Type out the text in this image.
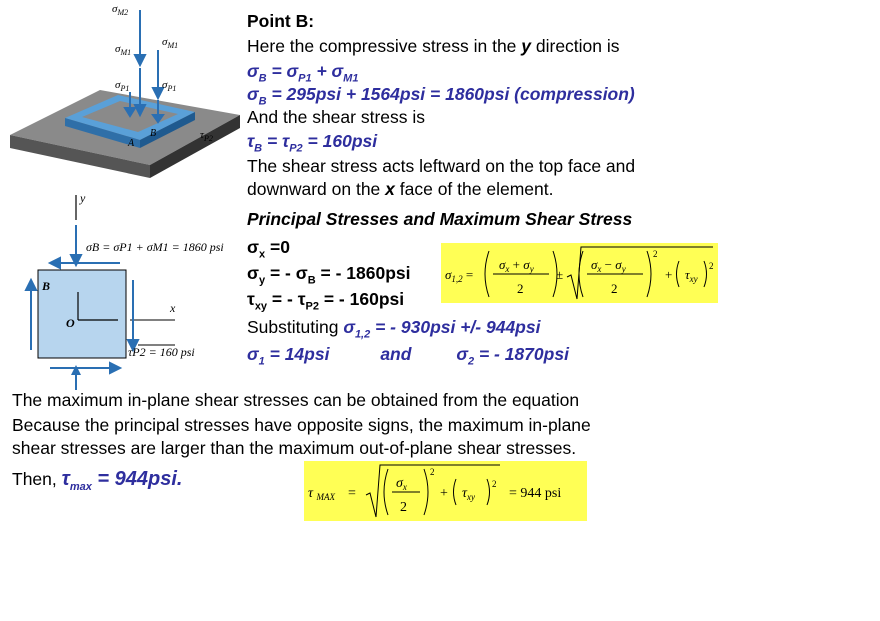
$\sigma_{M2}$
$\sigma_{M1}$
$\sigma_{M1}$
$\sigma_{P1}$	$\sigma_{P1}$
A
B	$\tau_{P2}$
y
B
O
x
σB = σP1 + σM1 = 1860 psi
τP2 = 160 psi
Point B:
Here the compressive stress in the y direction is
$\sigma_B = \sigma_{P1} + \sigma_{M1}$
$\sigma_B = 295psi + 1564psi = 1860psi$ (compression)
And the shear stress is
$\tau_B = \tau_{P2} = 160psi$
The shear stress acts leftward on the top face and
downward on the x face of the element.
Principal Stresses and Maximum Shear Stress
$\sigma_x =0$
$\sigma_y$ = - $\sigma_B$ = - 1860psi
$\tau_{xy}$ = - $\tau_{P2}$ = - 160psi
Substituting $\sigma_{1,2}$ = - 930psi +/- 944psi
$\sigma_1 = 14psi$	and	$\sigma_2$ = - 1870psi
$\sigma_{1,2}$ =
$\sigma_x + \sigma_y$
2
±
$\sigma_x - \sigma_y$
2
2
+ $\tau_{xy}$
2
The maximum in-plane shear stresses can be obtained from the equation
Because the principal stresses have opposite signs, the maximum in-plane
shear stresses are larger than the maximum out-of-plane shear stresses.
Then, $\tau_{max} = 944psi$.
τ $_{MAX}$ =
$\sigma_x$
2
2
+ $\tau_{xy}$
2
= 944 psi
